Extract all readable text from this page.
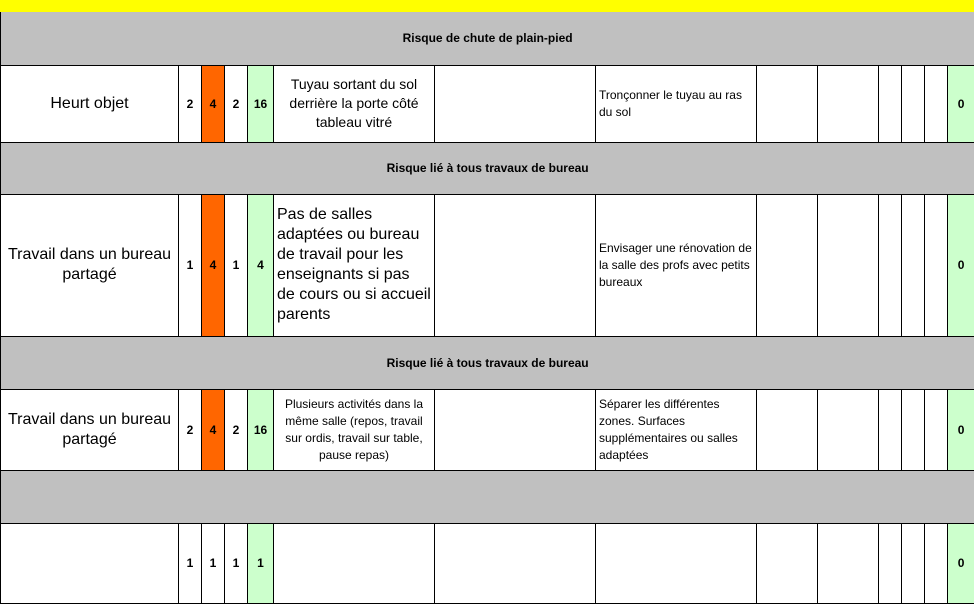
Risque de chute de plain-pied													
Heurt objet	2	4	2	16	Tuyau sortant du sol derrière la porte côté tableau vitré		Tronçonner le tuyau au ras du sol						0
Risque lié à tous travaux de bureau													
Travail dans un bureau partagé	1	4	1	4	Pas de salles adaptées ou bureau de travail pour les enseignants si pas de cours ou si accueil parents		Envisager une rénovation de la salle des profs avec petits bureaux						0
Risque lié à tous travaux de bureau													
Travail dans un bureau partagé	2	4	2	16	Plusieurs activités dans la même salle (repos, travail sur ordis, travail sur table, pause repas)		Séparer les différentes zones. Surfaces supplémentaires ou salles adaptées						0

	1	1	1	1									0
